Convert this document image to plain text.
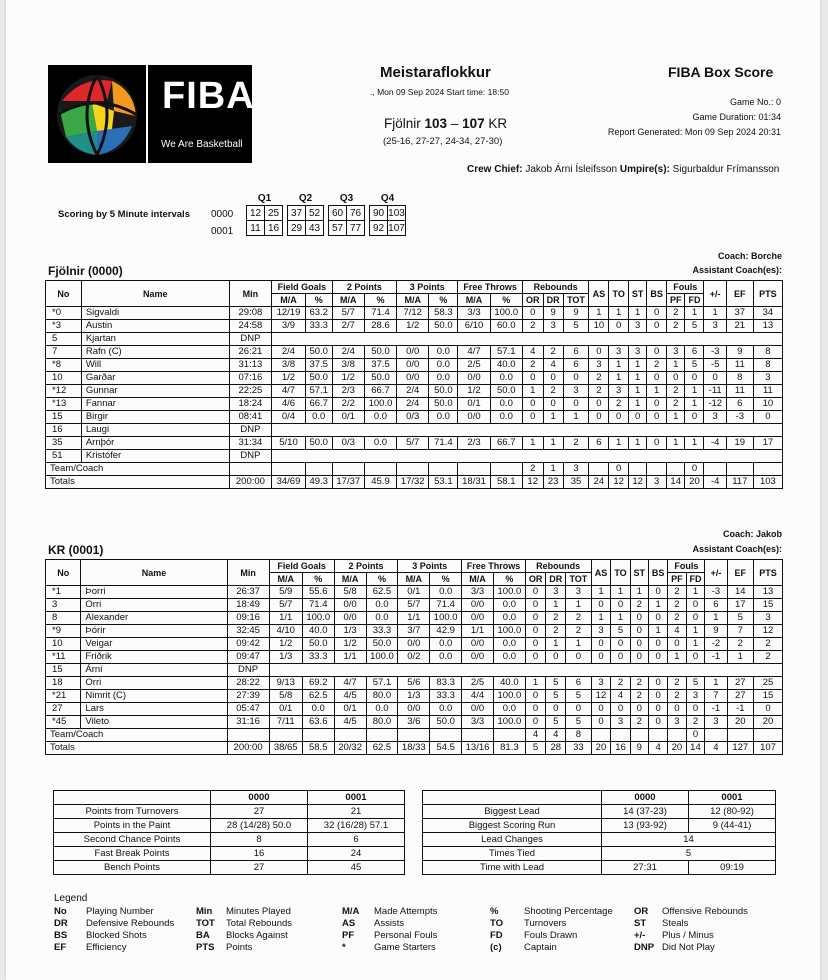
FIBA
We Are Basketball
Meistaraflokkur
., Mon 09 Sep 2024 Start time: 18:50
Fjölnir 103 – 107 KR
(25-16, 27-27, 24-34, 27-30)
FIBA Box Score
Game No.: 0
Game Duration: 01:34
Report Generated: Mon 09 Sep 2024 20:31
Crew Chief: Jakob Árni Ísleifsson Umpire(s): Sigurbaldur Frímansson
Scoring by 5 Minute intervals 0000
0001
Q1			Q2			Q3			Q4	
12	25		37	52		60	76		90	103
11	16		29	43		57	77		92	107
Fjölnir (0000)
Coach: Borche
Assistant Coach(es):
No	Name	Min	Field Goals		2 Points		3 Points		Free Throws		Rebounds			AS	TO	ST	BS	Fouls		+/-	EF	PTS
			M/A	%	M/A	%	M/A	%	M/A	%	OR	DR	TOT					PF	FD			
*0	Sigvaldi	29:08	12/19	63.2	5/7	71.4	7/12	58.3	3/3	100.0	0	9	9	1	1	1	0	2	1	1	37	34
*3	Austin	24:58	3/9	33.3	2/7	28.6	1/2	50.0	6/10	60.0	2	3	5	10	0	3	0	2	5	3	21	13
5	Kjartan	DNP																				
7	Rafn (C)	26:21	2/4	50.0	2/4	50.0	0/0	0.0	4/7	57.1	4	2	6	0	3	3	0	3	6	-3	9	8
*8	Will	31:13	3/8	37.5	3/8	37.5	0/0	0.0	2/5	40.0	2	4	6	3	1	1	2	1	5	-5	11	8
10	Garðar	07:16	1/2	50.0	1/2	50.0	0/0	0.0	0/0	0.0	0	0	0	2	1	1	0	0	0	0	8	3
*12	Gunnar	22:25	4/7	57.1	2/3	66.7	2/4	50.0	1/2	50.0	1	2	3	2	3	1	1	2	1	-11	11	11
*13	Fannar	18:24	4/6	66.7	2/2	100.0	2/4	50.0	0/1	0.0	0	0	0	0	2	1	0	2	1	-12	6	10
15	Birgir	08:41	0/4	0.0	0/1	0.0	0/3	0.0	0/0	0.0	0	1	1	0	0	0	0	1	0	3	-3	0
16	Laugi	DNP																				
35	Arnþór	31:34	5/10	50.0	0/3	0.0	5/7	71.4	2/3	66.7	1	1	2	6	1	1	0	1	1	-4	19	17
51	Kristófer	DNP																				
Team/Coach											2	1	3		0				0			
Totals		200:00	34/69	49.3	17/37	45.9	17/32	53.1	18/31	58.1	12	23	35	24	12	12	3	14	20	-4	117	103
KR (0001)
Coach: Jakob
Assistant Coach(es):
No	Name	Min	Field Goals		2 Points		3 Points		Free Throws		Rebounds			AS	TO	ST	BS	Fouls		+/-	EF	PTS
			M/A	%	M/A	%	M/A	%	M/A	%	OR	DR	TOT					PF	FD			
*1	Þorri	26:37	5/9	55.6	5/8	62.5	0/1	0.0	3/3	100.0	0	3	3	1	1	1	0	2	1	-3	14	13
3	Orri	18:49	5/7	71.4	0/0	0.0	5/7	71.4	0/0	0.0	0	1	1	0	0	2	1	2	0	6	17	15
8	Alexander	09:16	1/1	100.0	0/0	0.0	1/1	100.0	0/0	0.0	0	2	2	1	1	0	0	2	0	1	5	3
*9	Þórir	32:45	4/10	40.0	1/3	33.3	3/7	42.9	1/1	100.0	0	2	2	3	5	0	1	4	1	9	7	12
10	Veigar	09:42	1/2	50.0	1/2	50.0	0/0	0.0	0/0	0.0	0	1	1	0	0	0	0	0	1	-2	2	2
*11	Friðrik	09:47	1/3	33.3	1/1	100.0	0/2	0.0	0/0	0.0	0	0	0	0	0	0	0	1	0	-1	1	2
15	Árni	DNP																				
18	Orri	28:22	9/13	69.2	4/7	57.1	5/6	83.3	2/5	40.0	1	5	6	3	2	2	0	2	5	1	27	25
*21	Nimrit (C)	27:39	5/8	62.5	4/5	80.0	1/3	33.3	4/4	100.0	0	5	5	12	4	2	0	2	3	7	27	15
27	Lars	05:47	0/1	0.0	0/1	0.0	0/0	0.0	0/0	0.0	0	0	0	0	0	0	0	0	0	-1	-1	0
*45	Vileto	31:16	7/11	63.6	4/5	80.0	3/6	50.0	3/3	100.0	0	5	5	0	3	2	0	3	2	3	20	20
Team/Coach											4	4	8						0			
Totals		200:00	38/65	58.5	20/32	62.5	18/33	54.5	13/16	81.3	5	28	33	20	16	9	4	20	14	4	127	107
	0000	0001
Points from Turnovers	27	21
Points in the Paint	28 (14/28) 50.0	32 (16/28) 57.1
Second Chance Points	8	6
Fast Break Points	16	24
Bench Points	27	45
	0000	0001
Biggest Lead	14 (37-23)	12 (80-92)
Biggest Scoring Run	13 (93-92)	9 (44-41)
Lead Changes	14	
Times Tied	5	
Time with Lead	27:31	09:19
Legend
No	Playing Number
DR	Defensive Rebounds
BS	Blocked Shots
EF	Efficiency
Min	Minutes Played
TOT	Total Rebounds
BA	Blocks Against
PTS	Points
M/A	Made Attempts
AS	Assists
PF	Personal Fouls
*	Game Starters
%	Shooting Percentage
TO	Turnovers
FD	Fouls Drawn
(c)	Captain
OR	Offensive Rebounds
ST	Steals
+/-	Plus / Minus
DNP Did Not Play
